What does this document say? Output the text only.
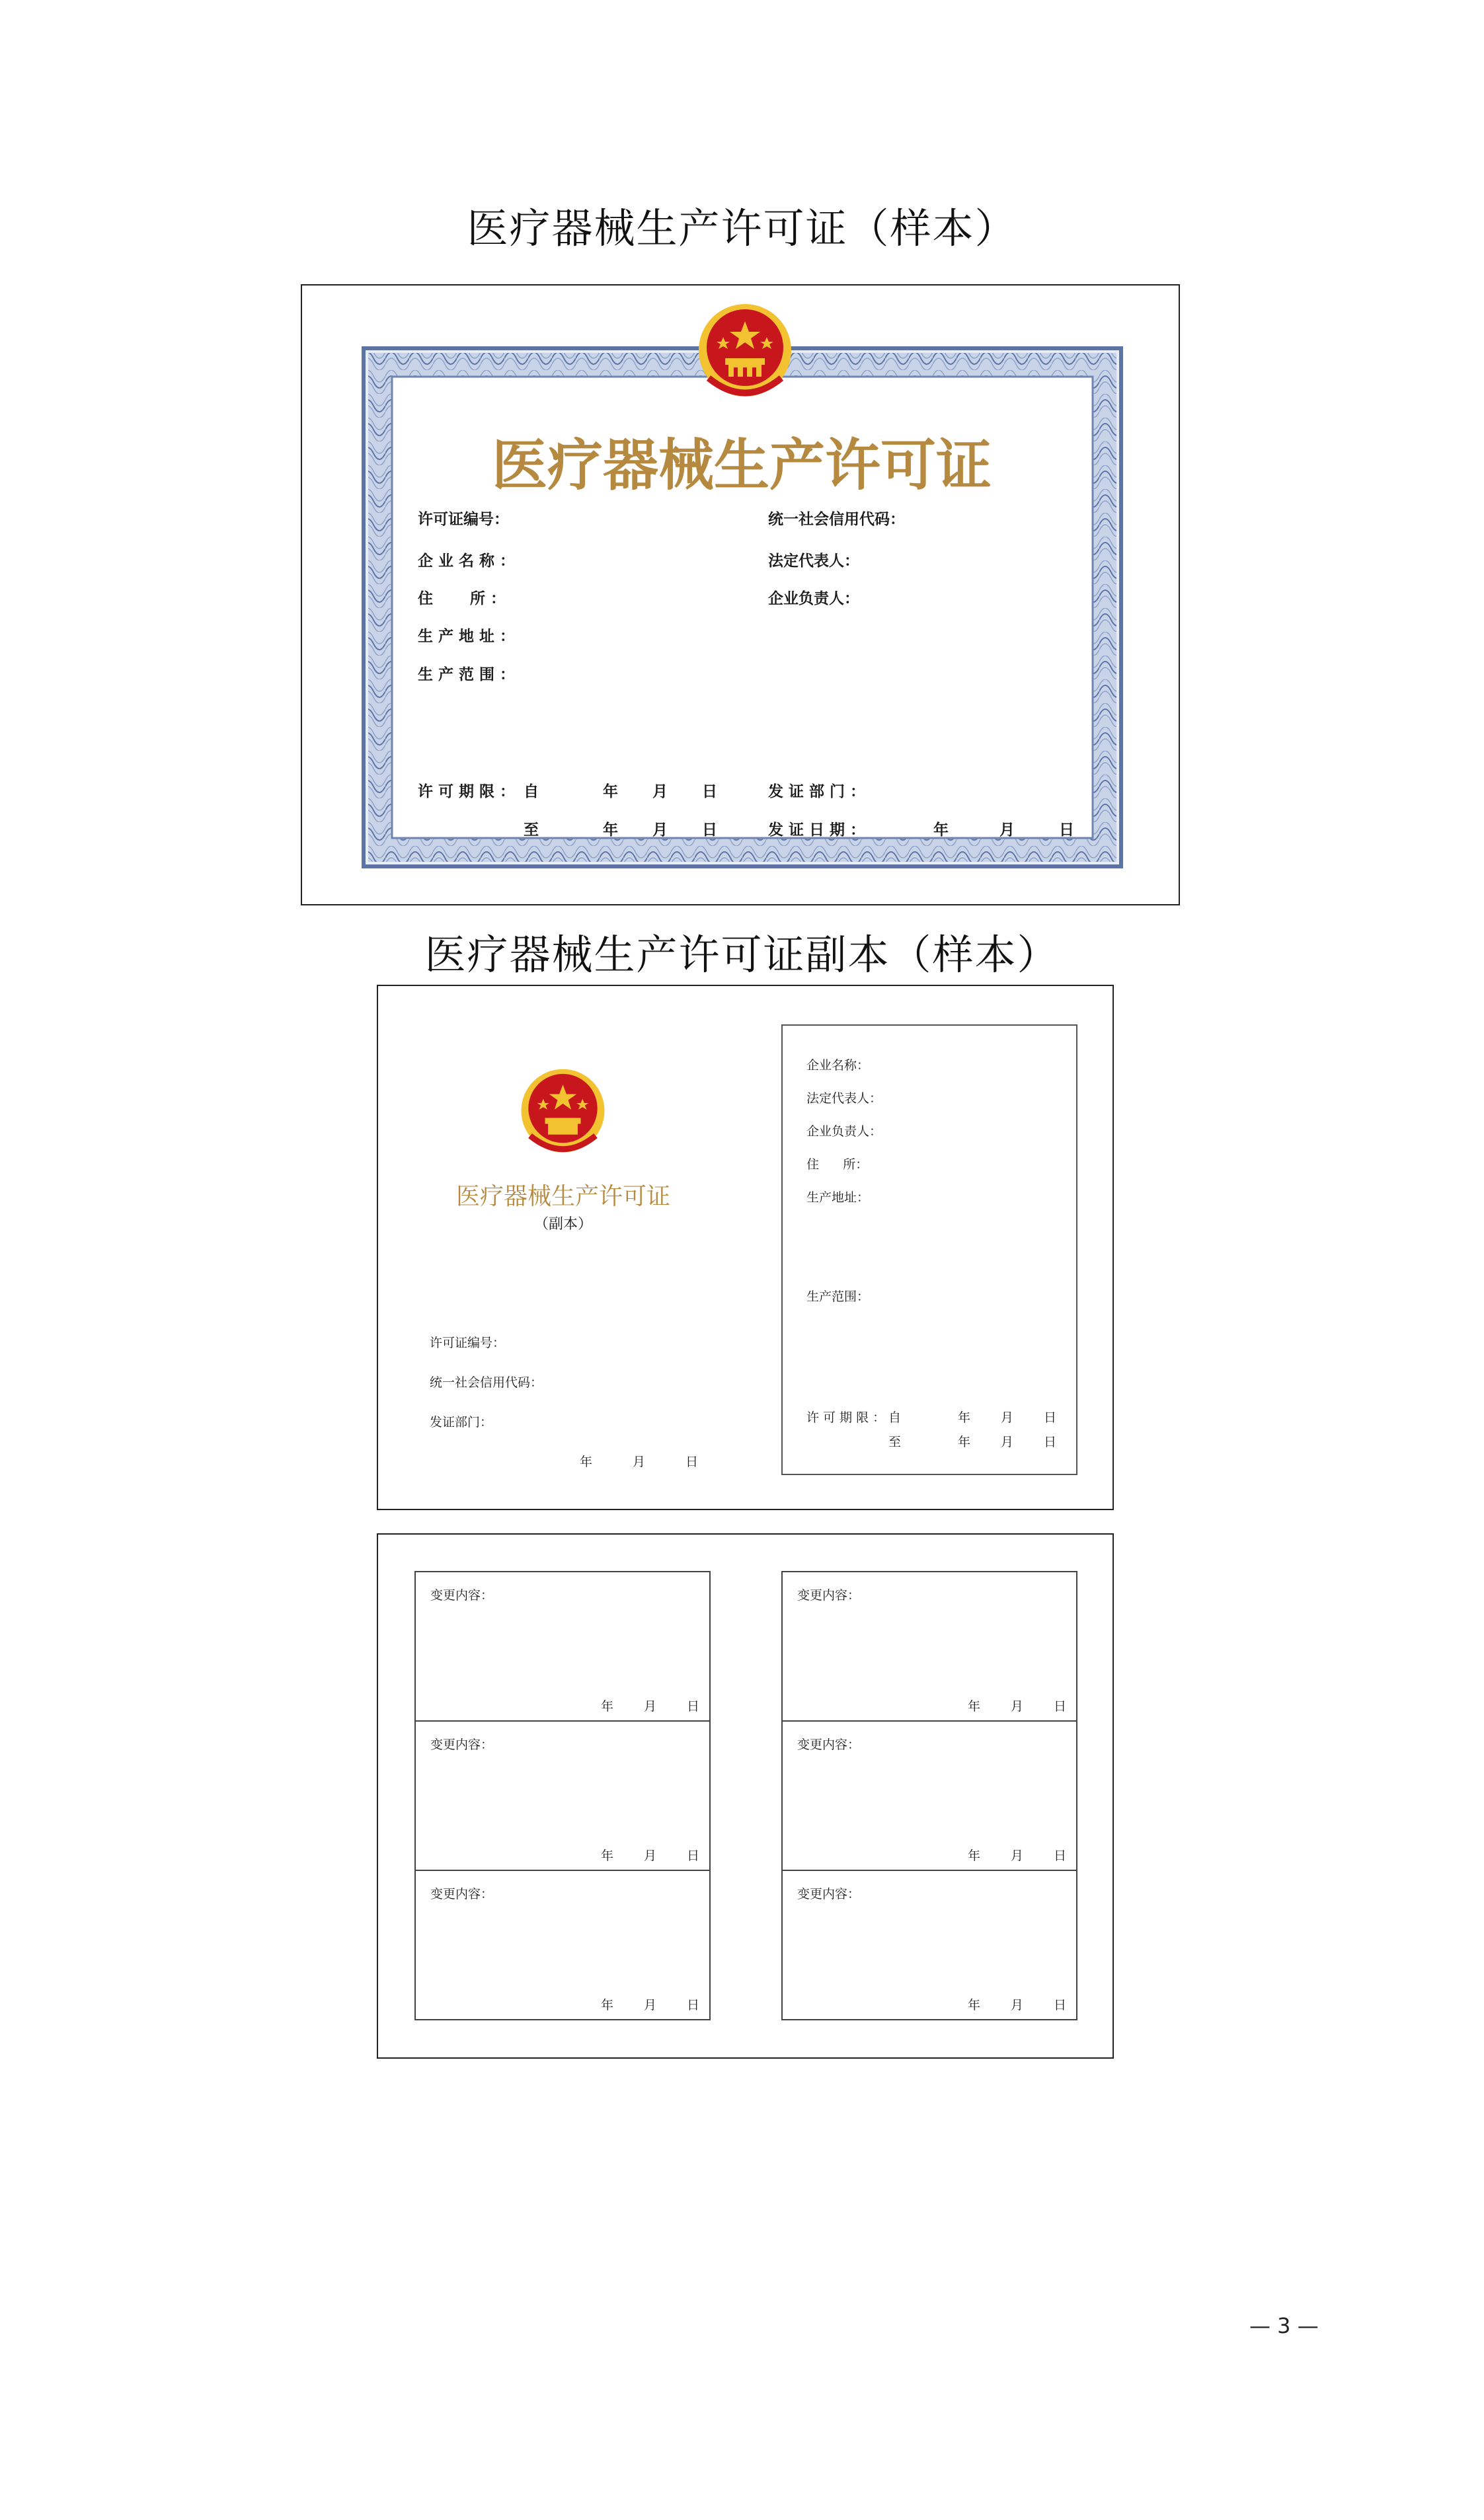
医疗器械生产许可证（样本）
医疗器械生产许可证
许可证编号：	统一社会信用代码：
企 业 名 称 ：	法定代表人：
住       所 ：	企业负责人：
生 产 地 址 ：
生 产 范 围 ：
许 可 期 限 ： 自	年 月 日	发 证 部 门 ：
至	年 月 日	发 证 日 期 ：	年	月	日
医疗器械生产许可证副本（样本）
医疗器械生产许可证
（副本）
许可证编号：
统一社会信用代码：
发证部门：
年	月	日
企业名称：
法定代表人：
企业负责人：
住      所：
生产地址：
生产范围：
许 可 期 限 ： 自	年 月 日
至	年 月 日
变更内容：
年 月 日
变更内容：
年 月 日
变更内容：
年 月 日
变更内容：
年 月 日
变更内容：
年 月 日
变更内容：
年 月 日
— 3 —
